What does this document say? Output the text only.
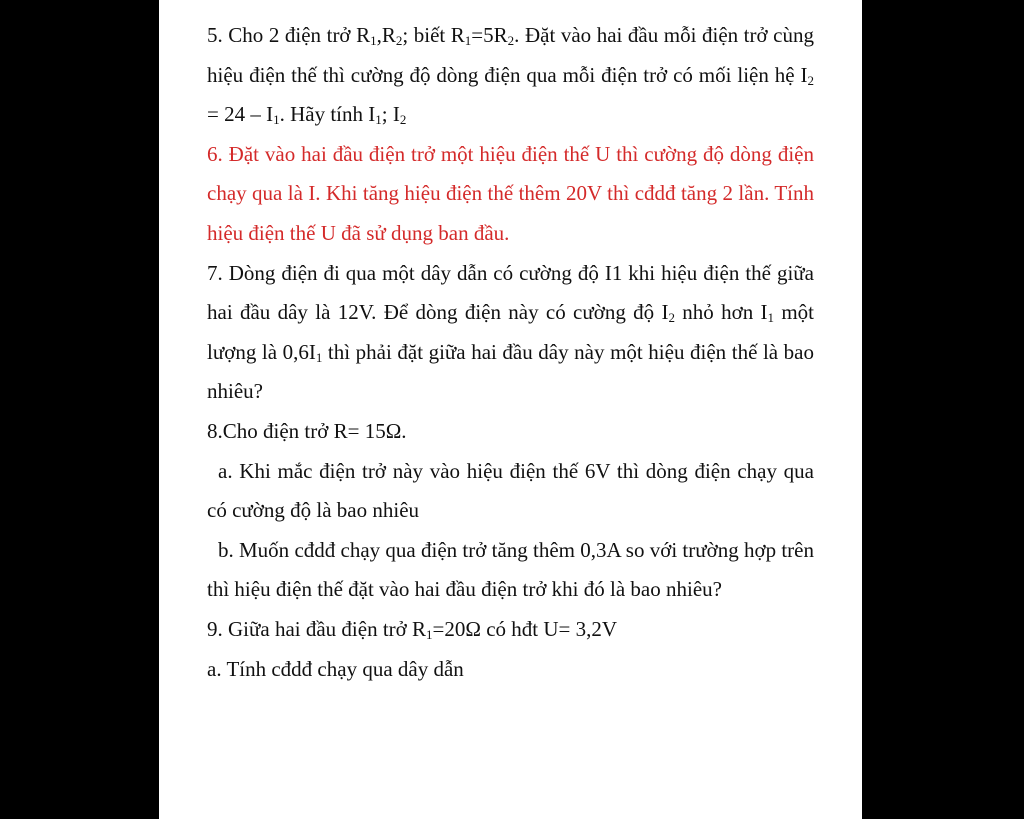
5. Cho 2 điện trở $R_1,R_2$; biết $R_1=5R_2$. Đặt vào hai đầu mỗi điện trở cùng hiệu điện thế thì cường độ dòng điện qua mỗi điện trở có mối liện hệ $I_2 = 24 - I_1$. Hãy tính $I_1$; $I_2$

6. Đặt vào hai đầu điện trở một hiệu điện thế U thì cường độ dòng điện chạy qua là I. Khi tăng hiệu điện thế thêm 20V thì cđdđ tăng 2 lần. Tính hiệu điện thế U đã sử dụng ban đầu.

7. Dòng điện đi qua một dây dẫn có cường độ I1 khi hiệu điện thế giữa hai đầu dây là 12V. Để dòng điện này có cường độ $I_2$ nhỏ hơn $I_1$ một lượng là $0,6I_1$ thì phải đặt giữa hai đầu dây này một hiệu điện thế là bao nhiêu?

8.Cho điện trở R= 15Ω.

a. Khi mắc điện trở này vào hiệu điện thế 6V thì dòng điện chạy qua có cường độ là bao nhiêu

b. Muốn cđdđ chạy qua điện trở tăng thêm 0,3A so với trường hợp trên thì hiệu điện thế đặt vào hai đầu điện trở khi đó là bao nhiêu?

9. Giữa hai đầu điện trở $R_1=20\Omega$ có hđt U= 3,2V

a. Tính cđdđ chạy qua dây dẫn
